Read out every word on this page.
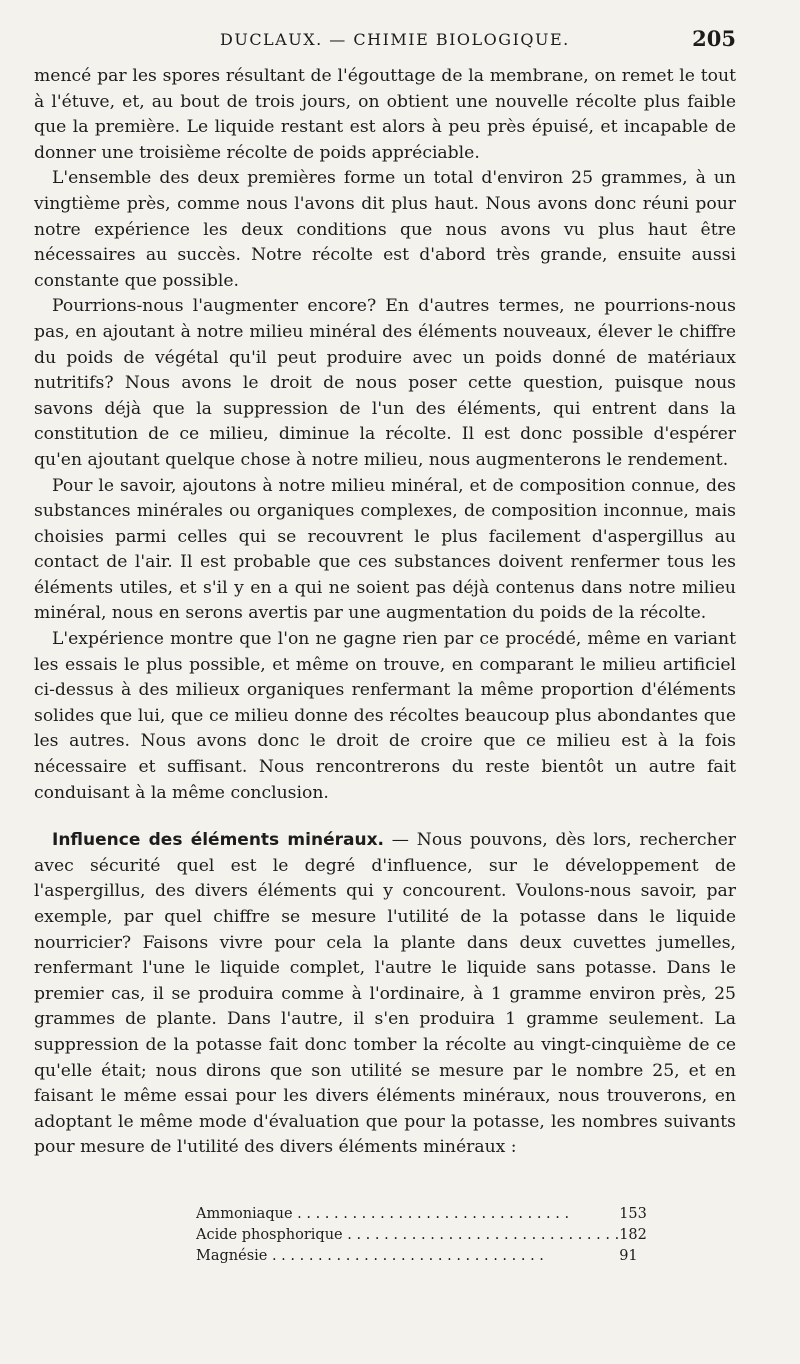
DUCLAUX. — CHIMIE BIOLOGIQUE.	205

mencé par les spores résultant de l'égouttage de la membrane, on remet le tout à l'étuve, et, au bout de trois jours, on obtient une nouvelle récolte plus faible que la première. Le liquide restant est alors à peu près épuisé, et incapable de donner une troisième récolte de poids appréciable.

L'ensemble des deux premières forme un total d'environ 25 grammes, à un vingtième près, comme nous l'avons dit plus haut. Nous avons donc réuni pour notre expérience les deux conditions que nous avons vu plus haut être nécessaires au succès. Notre récolte est d'abord très grande, ensuite aussi constante que possible.

Pourrions-nous l'augmenter encore? En d'autres termes, ne pourrions-nous pas, en ajoutant à notre milieu minéral des éléments nouveaux, élever le chiffre du poids de végétal qu'il peut produire avec un poids donné de matériaux nutritifs? Nous avons le droit de nous poser cette question, puisque nous savons déjà que la suppression de l'un des éléments, qui entrent dans la constitution de ce milieu, diminue la récolte. Il est donc possible d'espérer qu'en ajoutant quelque chose à notre milieu, nous augmenterons le rendement.

Pour le savoir, ajoutons à notre milieu minéral, et de composition connue, des substances minérales ou organiques complexes, de composition inconnue, mais choisies parmi celles qui se recouvrent le plus facilement d'aspergillus au contact de l'air. Il est probable que ces substances doivent renfermer tous les éléments utiles, et s'il y en a qui ne soient pas déjà contenus dans notre milieu minéral, nous en serons avertis par une augmentation du poids de la récolte.

L'expérience montre que l'on ne gagne rien par ce procédé, même en variant les essais le plus possible, et même on trouve, en comparant le milieu artificiel ci-dessus à des milieux organiques renfermant la même proportion d'éléments solides que lui, que ce milieu donne des récoltes beaucoup plus abondantes que les autres. Nous avons donc le droit de croire que ce milieu est à la fois nécessaire et suffisant. Nous rencontrerons du reste bientôt un autre fait conduisant à la même conclusion.

Influence des éléments minéraux. — Nous pouvons, dès lors, rechercher avec sécurité quel est le degré d'influence, sur le développement de l'aspergillus, des divers éléments qui y concourent. Voulons-nous savoir, par exemple, par quel chiffre se mesure l'utilité de la potasse dans le liquide nourricier? Faisons vivre pour cela la plante dans deux cuvettes jumelles, renfermant l'une le liquide complet, l'autre le liquide sans potasse. Dans le premier cas, il se produira comme à l'ordinaire, à 1 gramme environ près, 25 grammes de plante. Dans l'autre, il s'en produira 1 gramme seulement. La suppression de la potasse fait donc tomber la récolte au vingt-cinquième de ce qu'elle était; nous dirons que son utilité se mesure par le nombre 25, et en faisant le même essai pour les divers éléments minéraux, nous trouverons, en adoptant le même mode d'évaluation que pour la potasse, les nombres suivants pour mesure de l'utilité des divers éléments minéraux :

Ammoniaque . . .	153
Acide phosphorique . . .	182
Magnésie . . .	91
